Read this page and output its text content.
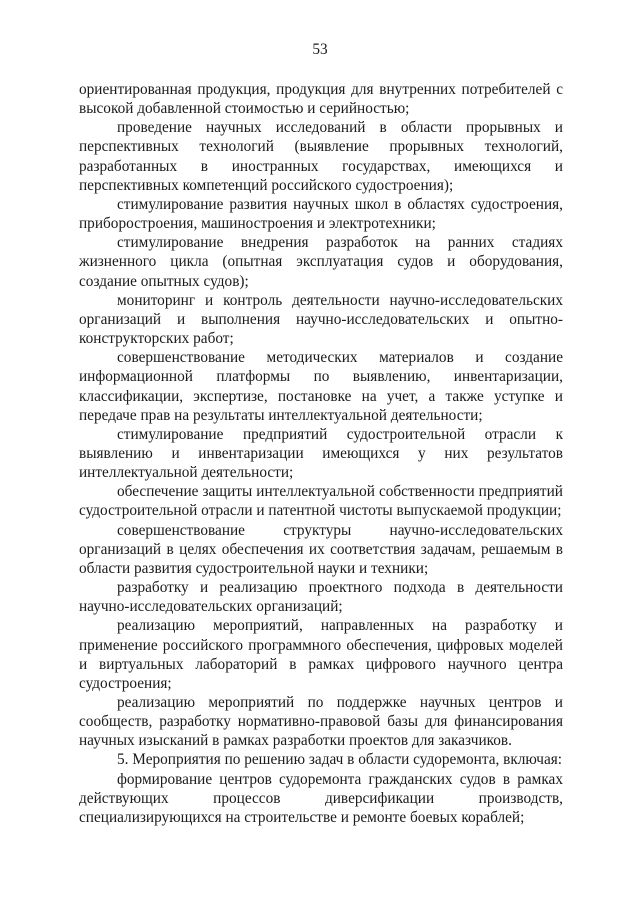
53

ориентированная продукция, продукция для внутренних потребителей с высокой добавленной стоимостью и серийностью;

проведение научных исследований в области прорывных и перспективных технологий (выявление прорывных технологий, разработанных в иностранных государствах, имеющихся и перспективных компетенций российского судостроения);

стимулирование развития научных школ в областях судостроения, приборостроения, машиностроения и электротехники;

стимулирование внедрения разработок на ранних стадиях жизненного цикла (опытная эксплуатация судов и оборудования, создание опытных судов);

мониторинг и контроль деятельности научно-исследовательских организаций и выполнения научно-исследовательских и опытно-конструкторских работ;

совершенствование методических материалов и создание информационной платформы по выявлению, инвентаризации, классификации, экспертизе, постановке на учет, а также уступке и передаче прав на результаты интеллектуальной деятельности;

стимулирование предприятий судостроительной отрасли к выявлению и инвентаризации имеющихся у них результатов интеллектуальной деятельности;

обеспечение защиты интеллектуальной собственности предприятий судостроительной отрасли и патентной чистоты выпускаемой продукции;

совершенствование структуры научно-исследовательских организаций в целях обеспечения их соответствия задачам, решаемым в области развития судостроительной науки и техники;

разработку и реализацию проектного подхода в деятельности научно-исследовательских организаций;

реализацию мероприятий, направленных на разработку и применение российского программного обеспечения, цифровых моделей и виртуальных лабораторий в рамках цифрового научного центра судостроения;

реализацию мероприятий по поддержке научных центров и сообществ, разработку нормативно-правовой базы для финансирования научных изысканий в рамках разработки проектов для заказчиков.

5. Мероприятия по решению задач в области судоремонта, включая:

формирование центров судоремонта гражданских судов в рамках действующих процессов диверсификации производств, специализирующихся на строительстве и ремонте боевых кораблей;
